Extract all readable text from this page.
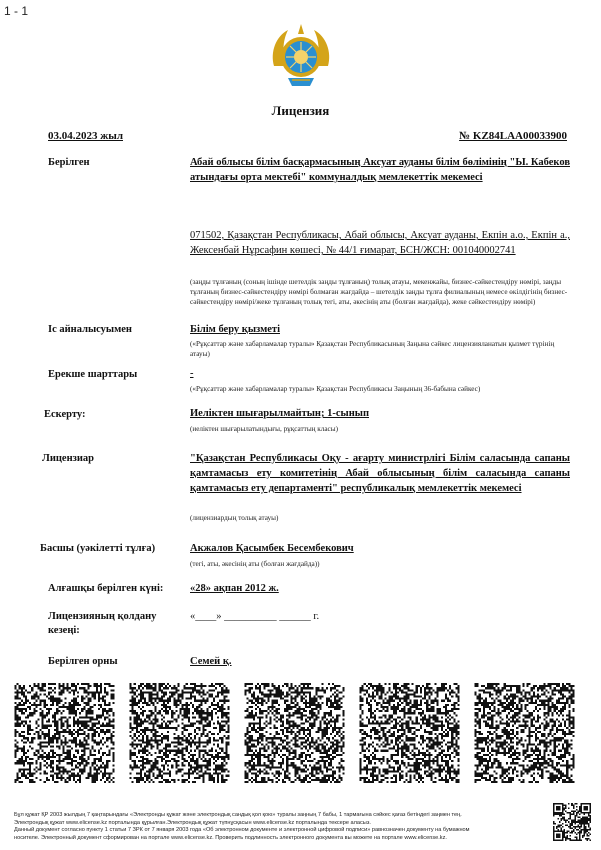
1 - 1
Лицензия
03.04.2023 жыл	№ KZ84LAA00033900
Берілген	Абай облысы білім басқармасының Аксуат ауданы білім бөлімінің "Ы. Кабеков атындағы орта мектебі" коммуналдық мемлекеттік мекемесі
071502, Қазақстан Республикасы, Абай облысы, Аксуат ауданы, Екпін а.о., Екпін а., Жексенбай Нұрсафин көшесі, № 44/1 ғимарат, БСН/ЖСН: 001040002741
(заңды тұлғаның (соның ішінде шетелдік заңды тұлғаның) толық атауы, мекенжайы, бизнес-сәйкестендіру нөмірі, заңды тұлғаның бизнес-сәйкестендіру нөмірі болмаған жағдайда – шетелдік заңды тұлға филиалының немесе өкілдігінің бизнес-сәйкестендіру нөмірі/жеке тұлғаның толық тегі, аты, әкесінің аты (болған жағдайда), жеке сәйкестендіру нөмірі)
Іс айналысуымен	Білім беру қызметі
(«Рұқсаттар және хабарламалар туралы» Қазақстан Республикасының Заңына сәйкес лицензияланатын қызмет түрінің атауы)
Ерекше шарттары	-
(«Рұқсаттар және хабарламалар туралы» Қазақстан Республикасы Заңының 36-бабына сәйкес)
Ескерту:	Иеліктен шығарылмайтын; 1-сынып
(иеліктен шығарылатындығы, рұқсаттың класы)
Лицензиар	"Қазақстан Республикасы Оқу - ағарту министрлігі Білім саласында сапаны қамтамасыз ету комитетінің Абай облысының білім саласында сапаны қамтамасыз ету департаменті" республикалық мемлекеттік мекемесі
(лицензиардың толық атауы)
Басшы (уәкілетті тұлға)	Акжалов Қасымбек Бесембекович
(тегі, аты, әкесінің аты (болған жағдайда))
Алғашқы берілген күні:	«28» ақпан 2012 ж.
Лицензияның қолдану кезеңі:
«____» __________ ______ г.
Берілген орны	Семей қ.
Бұл құжат ҚР 2003 жылдың 7 қаңтарындағы «Электронды құжат және электрондық сандық қол қою» туралы заңның 7 бабы, 1 тармағына сәйкес қағаз бетіндегі заңмен тең.
Электрондық құжат www.elicense.kz порталында құрылған.Электрондық құжат түпнұсқасын www.elicense.kz порталында тексере аласыз.
Данный документ согласно пункту 1 статьи 7 ЗРК от 7 января 2003 года «Об электронном документе и электронной цифровой подписи» равнозначен документу на бумажном
носителе. Электронный документ сформирован на портале www.elicense.kz. Проверить подлинность электронного документа вы можете на портале www.elicense.kz.
